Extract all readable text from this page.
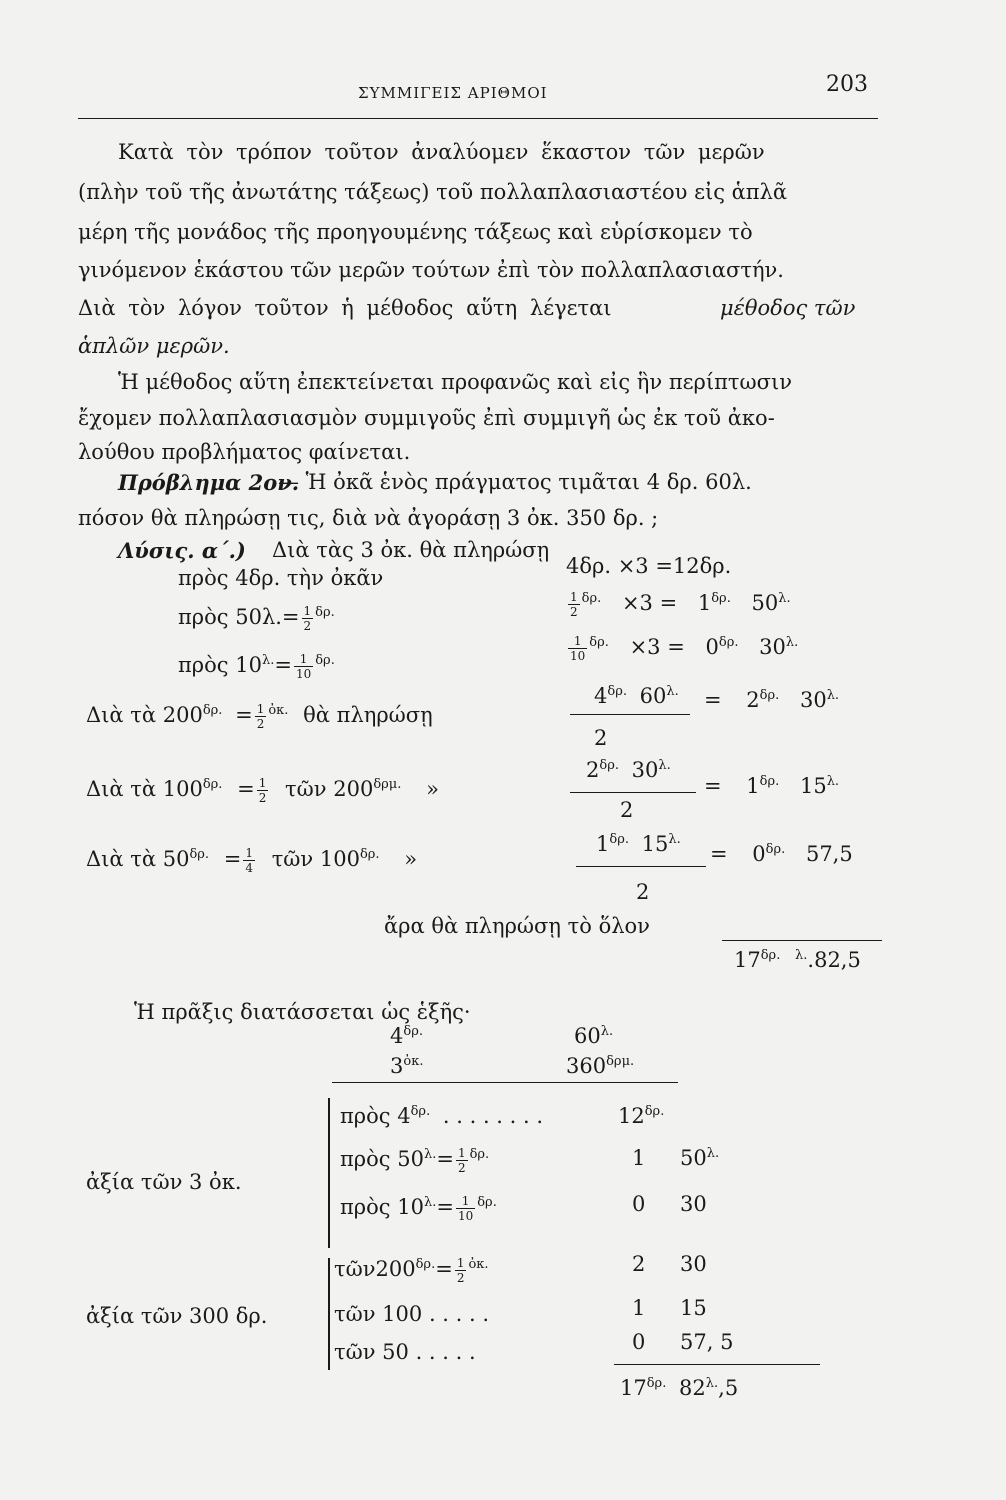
ΣΥΜΜΙΓΕΙΣ ΑΡΙΘΜΟΙ	203
Κατὰ τὸν τρόπον τοῦτον ἀναλύομεν ἕκαστον τῶν μερῶν
(πλὴν τοῦ τῆς ἀνωτάτης τάξεως) τοῦ πολλαπλασιαστέου εἰς ἁπλᾶ
μέρη τῆς μονάδος τῆς προηγουμένης τάξεως καὶ εὑρίσκομεν τὸ
γινόμενον ἑκάστου τῶν μερῶν τούτων ἐπὶ τὸν πολλαπλασιαστήν.
Διὰ τὸν λόγον τοῦτον ἡ μέθοδος αὕτη λέγεται	μέθοδος τῶν
ἁπλῶν μερῶν.
Ἡ μέθοδος αὕτη ἐπεκτείνεται προφανῶς καὶ εἰς ἣν περίπτωσιν
ἔχομεν πολλαπλασιασμὸν συμμιγοῦς ἐπὶ συμμιγῆ ὡς ἐκ τοῦ ἀκο-
λούθου προβλήματος φαίνεται.
Πρόβλημα 2ον.
— Ἡ ὀκᾶ ἑνὸς πράγματος τιμᾶται 4 δρ. 60λ.
πόσον θὰ πληρώσῃ τις, διὰ νὰ ἀγοράσῃ 3 ὀκ. 350 δρ. ;
Λύσις. α΄.) Διὰ τὰς 3 ὀκ. θὰ πληρώσῃ
πρὸς 4δρ. τὴν ὀκᾶν	4δρ. ×3 =12δρ.
πρὸς $50\lambda.= \frac{1}{2} ^{\delta\rho.}$	$\frac{1}{2} ^{\delta\rho.} \times 3 = 1^{\delta\rho.}$ $50^{\lambda.}$
πρὸς $10^{\lambda.}= \frac{1}{10} ^{\delta\rho.}$	$\frac{1}{10} ^{\delta\rho.} \times 3 = 0^{\delta\rho.}$ $30^{\lambda.}$
Διὰ τὰ $200^{\delta\rho.} = \frac{1}{2} ^{ὀ\kappa.}$ θὰ πληρώσῃ
$4^{\delta\rho.}$ $60^{\lambda.}$
2
= $2^{\delta\rho.}$ $30^{\lambda.}$
Διὰ τὰ $100^{\delta\rho.} = \frac{1}{2}$ τῶν $200^{\delta\rho\mu.}$ »
$2^{\delta\rho.}$ $30^{\lambda.}$
2
= $1^{\delta\rho.}$ $15^{\lambda.}$
Διὰ τὰ $50^{\delta\rho.} = \frac{1}{4}$ τῶν $100^{\delta\rho.}$ »
$1^{\delta\rho.}$ $15^{\lambda.}$
2
= $0^{\delta\rho.}$ 57,5
ἄρα θὰ πληρώσῃ τὸ ὅλον
$17^{\delta\rho.}$ $^{\lambda.}$.82,5
Ἡ πρᾶξις διατάσσεται ὡς ἑξῆς·
$4^{\delta\rho.}$	$60^{\lambda.}$
$3^{ὀ\kappa.}$	$360^{\delta\rho\mu.}$
ἀξία τῶν 3 ὀκ.
πρὸς $4^{\delta\rho.}$ . . . . . . . .	$12^{\delta\rho.}$
πρὸς $50^{\lambda.}= \frac{1}{2} ^{\delta\rho.}$	1 $50^{\lambda.}$
πρὸς $10^{\lambda.}= \frac{1}{10} ^{\delta\rho.}$	0 30
ἀξία τῶν 300 δρ.
$\tau ῶ\nu 200^{\delta\rho.}= \frac{1}{2} ^{ὀ\kappa.}$	2 30
τῶν 100 . . . . .	1 15
τῶν 50 . . . . .	0 57, 5
$17^{\delta\rho.}$ $82^{\lambda.},5$
